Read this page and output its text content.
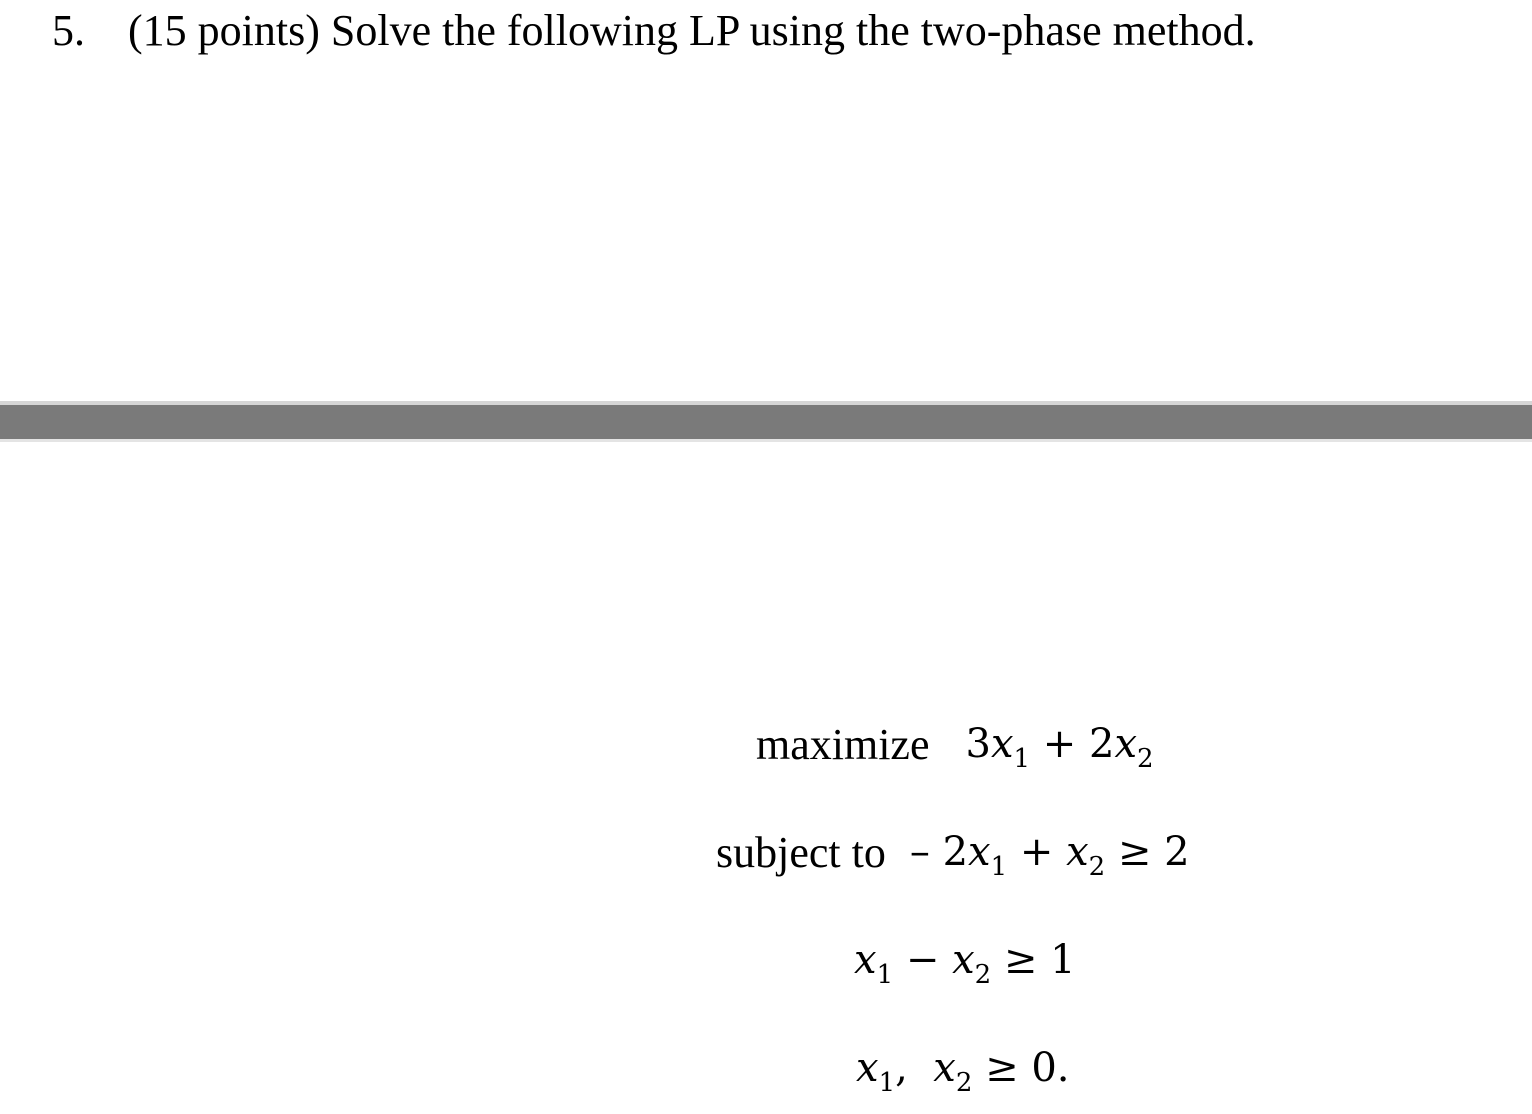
5. (15 points) Solve the following LP using the two-phase method.
maximize $3x_1 + 2x_2$
subject to – $2x_1 + x_2 \ge 2$
$x_1 - x_2 \ge 1$
$x_1$,  $x_2 \ge 0$.
